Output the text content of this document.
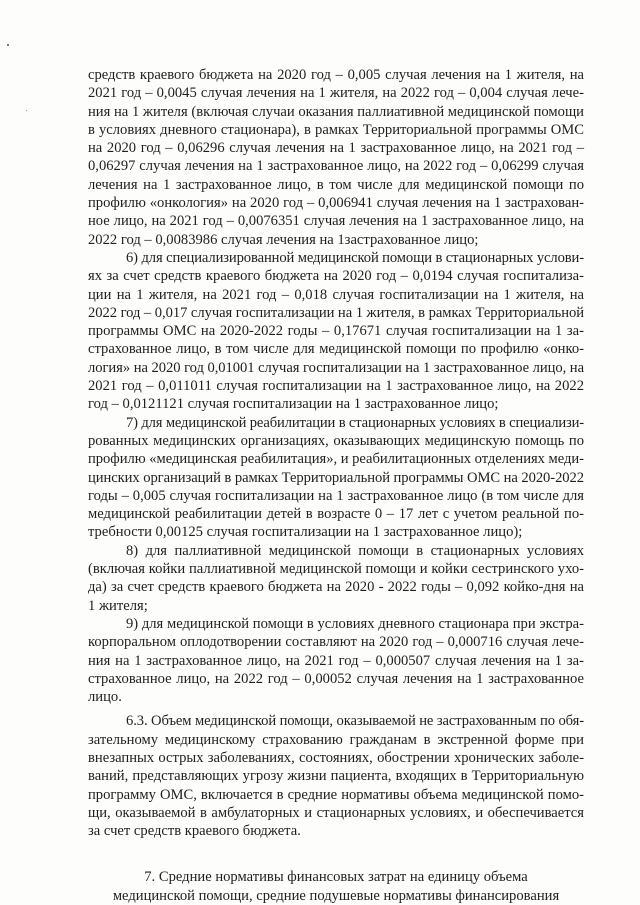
средств краевого бюджета на 2020 год – 0,005 случая лечения на 1 жителя, на
2021 год – 0,0045 случая лечения на 1 жителя, на 2022 год – 0,004 случая лече-
ния на 1 жителя (включая случаи оказания паллиативной медицинской помощи
в условиях дневного стационара), в рамках Территориальной программы ОМС
на 2020 год – 0,06296 случая лечения на 1 застрахованное лицо, на 2021 год –
0,06297 случая лечения на 1 застрахованное лицо, на 2022 год – 0,06299 случая
лечения на 1 застрахованное лицо, в том числе для медицинской помощи по
профилю «онкология» на 2020 год – 0,006941 случая лечения на 1 застрахован-
ное лицо, на 2021 год – 0,0076351 случая лечения на 1 застрахованное лицо, на
2022 год – 0,0083986 случая лечения на 1застрахованное лицо;
6) для специализированной медицинской помощи в стационарных услови-
ях за счет средств краевого бюджета на 2020 год – 0,0194 случая госпитализа-
ции на 1 жителя, на 2021 год – 0,018 случая госпитализации на 1 жителя, на
2022 год – 0,017 случая госпитализации на 1 жителя, в рамках Территориальной
программы ОМС на 2020-2022 годы – 0,17671 случая госпитализации на 1 за-
страхованное лицо, в том числе для медицинской помощи по профилю «онко-
логия» на 2020 год 0,01001 случая госпитализации на 1 застрахованное лицо, на
2021 год – 0,011011 случая госпитализации на 1 застрахованное лицо, на 2022
год – 0,0121121 случая госпитализации на 1 застрахованное лицо;
7) для медицинской реабилитации в стационарных условиях в специализи-
рованных медицинских организациях, оказывающих медицинскую помощь по
профилю «медицинская реабилитация», и реабилитационных отделениях меди-
цинских организаций в рамках Территориальной программы ОМС на 2020-2022
годы – 0,005 случая госпитализации на 1 застрахованное лицо (в том числе для
медицинской реабилитации детей в возрасте 0 – 17 лет с учетом реальной по-
требности 0,00125 случая госпитализации на 1 застрахованное лицо);
8) для паллиативной медицинской помощи в стационарных условиях
(включая койки паллиативной медицинской помощи и койки сестринского ухо-
да) за счет средств краевого бюджета на 2020 - 2022 годы – 0,092 койко-дня на
1 жителя;
9) для медицинской помощи в условиях дневного стационара при экстра-
корпоральном оплодотворении составляют на 2020 год – 0,000716 случая лече-
ния на 1 застрахованное лицо, на 2021 год – 0,000507 случая лечения на 1 за-
страхованное лицо, на 2022 год – 0,00052 случая лечения на 1 застрахованное
лицо.
6.3. Объем медицинской помощи, оказываемой не застрахованным по обя-
зательному медицинскому страхованию гражданам в экстренной форме при
внезапных острых заболеваниях, состояниях, обострении хронических заболе-
ваний, представляющих угрозу жизни пациента, входящих в Территориальную
программу ОМС, включается в средние нормативы объема медицинской помо-
щи, оказываемой в амбулаторных и стационарных условиях, и обеспечивается
за счет средств краевого бюджета.
7. Средние нормативы финансовых затрат на единицу объема
медицинской помощи, средние подушевые нормативы финансирования
